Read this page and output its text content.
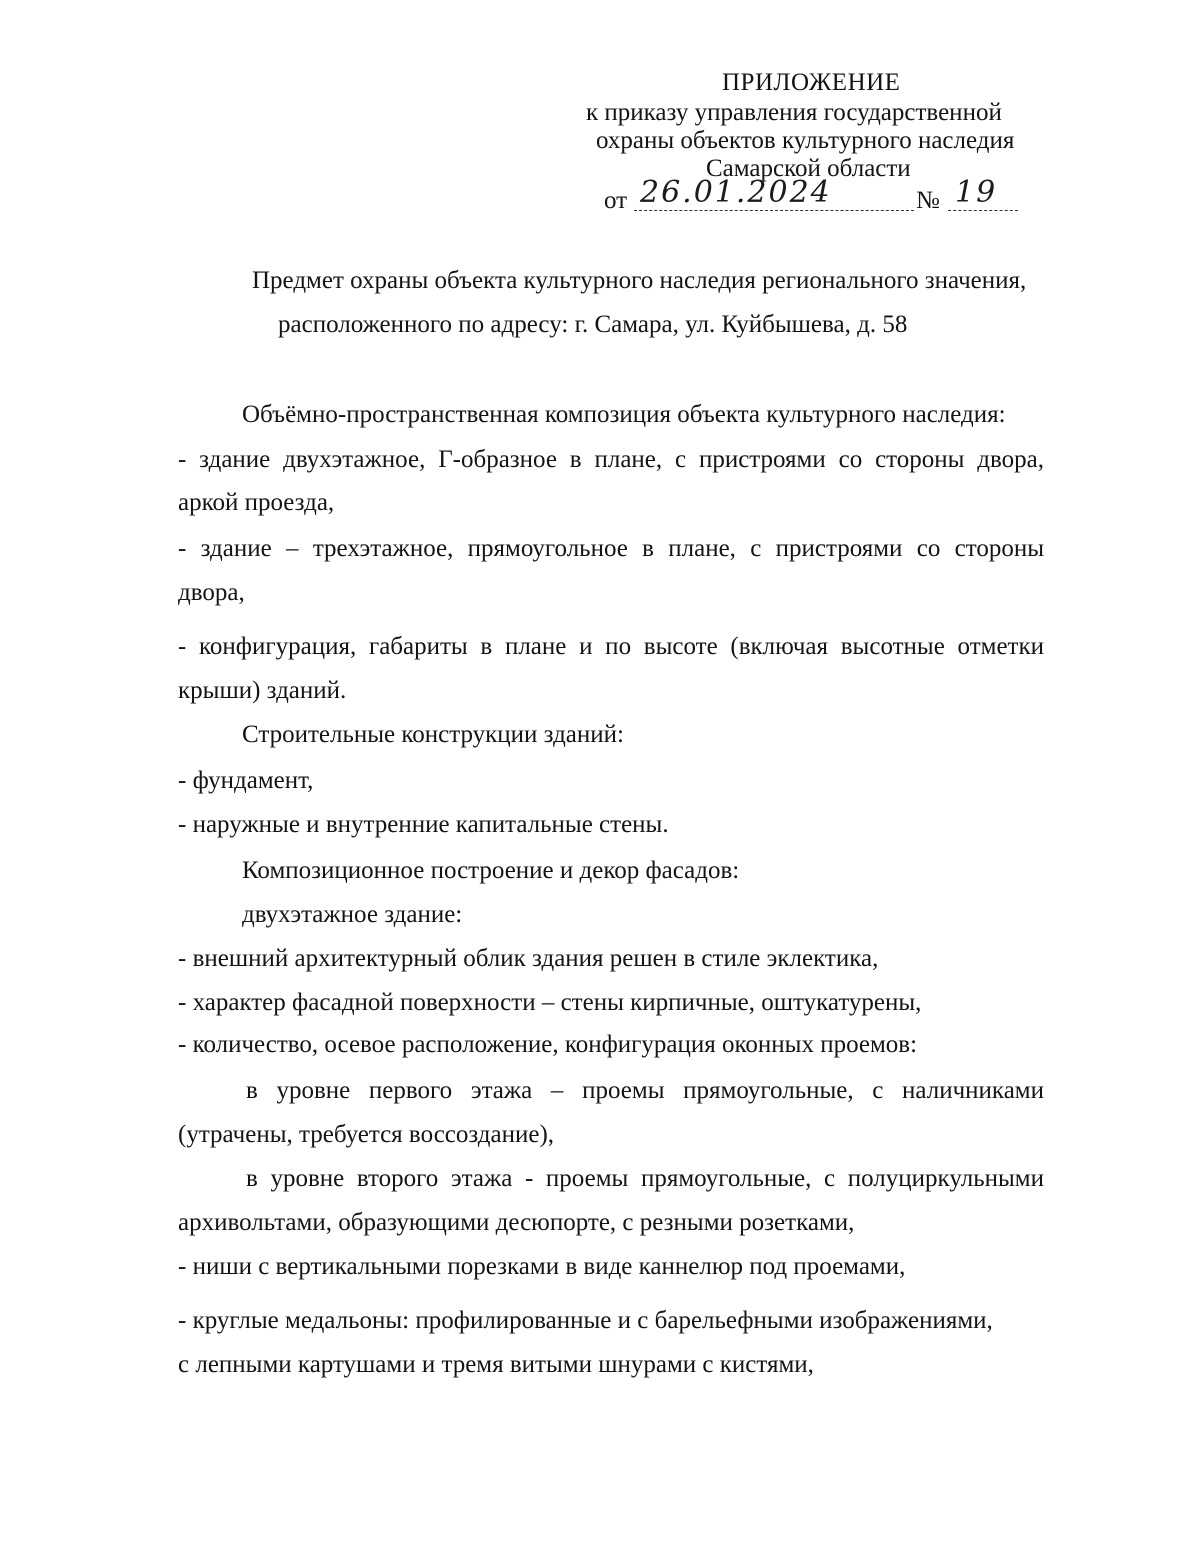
ПРИЛОЖЕНИЕ
к приказу управления государственной
охраны объектов культурного наследия
Самарской области
от 26.01.2024	№ 19
Предмет охраны объекта культурного наследия регионального значения,
расположенного по адресу: г. Самара, ул. Куйбышева, д. 58
Объёмно-пространственная композиция объекта культурного наследия:
- здание двухэтажное, Г-образное в плане, с пристроями со стороны двора,
аркой проезда,
- здание – трехэтажное, прямоугольное в плане, с пристроями со стороны
двора,
- конфигурация, габариты в плане и по высоте (включая высотные отметки
крыши) зданий.
Строительные конструкции зданий:
- фундамент,
- наружные и внутренние капитальные стены.
Композиционное построение и декор фасадов:
двухэтажное здание:
- внешний архитектурный облик здания решен в стиле эклектика,
- характер фасадной поверхности – стены кирпичные, оштукатурены,
- количество, осевое расположение, конфигурация оконных проемов:
в уровне первого этажа – проемы прямоугольные, с наличниками
(утрачены, требуется воссоздание),
в уровне второго этажа - проемы прямоугольные, с полуциркульными
архивольтами, образующими десюпорте, с резными розетками,
- ниши с вертикальными порезками в виде каннелюр под проемами,
- круглые медальоны: профилированные и с барельефными изображениями,
с лепными картушами и тремя витыми шнурами с кистями,
